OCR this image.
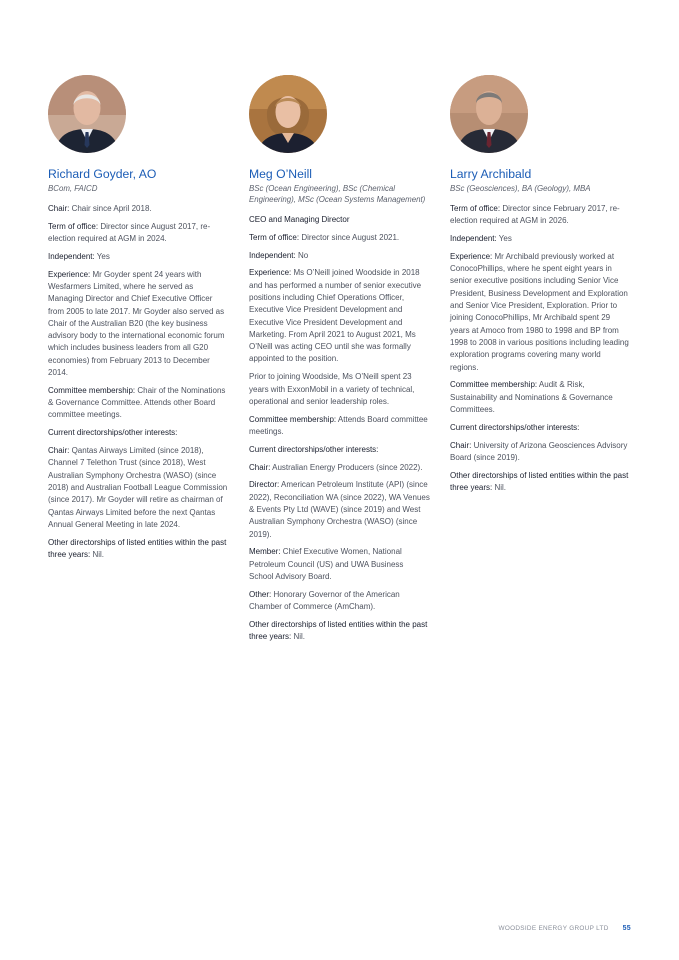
Richard Goyder, AO

BCom, FAICD

Chair: Chair since April 2018.

Term of office: Director since August 2017, re-election required at AGM in 2024.

Independent: Yes

Experience: Mr Goyder spent 24 years with Wesfarmers Limited, where he served as Managing Director and Chief Executive Officer from 2005 to late 2017. Mr Goyder also served as Chair of the Australian B20 (the key business advisory body to the international economic forum which includes business leaders from all G20 economies) from February 2013 to December 2014.

Committee membership: Chair of the Nominations & Governance Committee. Attends other Board committee meetings.

Current directorships/other interests:

Chair: Qantas Airways Limited (since 2018), Channel 7 Telethon Trust (since 2018), West Australian Symphony Orchestra (WASO) (since 2018) and Australian Football League Commission (since 2017). Mr Goyder will retire as chairman of Qantas Airways Limited before the next Qantas Annual General Meeting in late 2024.

Other directorships of listed entities within the past three years: Nil.

Meg O’Neill

BSc (Ocean Engineering), BSc (Chemical Engineering), MSc (Ocean Systems Management)

CEO and Managing Director

Term of office: Director since August 2021.

Independent: No

Experience: Ms O’Neill joined Woodside in 2018 and has performed a number of senior executive positions including Chief Operations Officer, Executive Vice President Development and Executive Vice President Development and Marketing. From April 2021 to August 2021, Ms O’Neill was acting CEO until she was formally appointed to the position.

Prior to joining Woodside, Ms O’Neill spent 23 years with ExxonMobil in a variety of technical, operational and senior leadership roles.

Committee membership: Attends Board committee meetings.

Current directorships/other interests:

Chair: Australian Energy Producers (since 2022).

Director: American Petroleum Institute (API) (since 2022), Reconciliation WA (since 2022), WA Venues & Events Pty Ltd (WAVE) (since 2019) and West Australian Symphony Orchestra (WASO) (since 2019).

Member: Chief Executive Women, National Petroleum Council (US) and UWA Business School Advisory Board.

Other: Honorary Governor of the American Chamber of Commerce (AmCham).

Other directorships of listed entities within the past three years: Nil.

Larry Archibald

BSc (Geosciences), BA (Geology), MBA

Term of office: Director since February 2017, re-election required at AGM in 2026.

Independent: Yes

Experience: Mr Archibald previously worked at ConocoPhillips, where he spent eight years in senior executive positions including Senior Vice President, Business Development and Exploration and Senior Vice President, Exploration. Prior to joining ConocoPhillips, Mr Archibald spent 29 years at Amoco from 1980 to 1998 and BP from 1998 to 2008 in various positions including leading exploration programs covering many world regions.

Committee membership: Audit & Risk, Sustainability and Nominations & Governance Committees.

Current directorships/other interests:

Chair: University of Arizona Geosciences Advisory Board (since 2019).

Other directorships of listed entities within the past three years: Nil.

WOODSIDE ENERGY GROUP LTD 55
